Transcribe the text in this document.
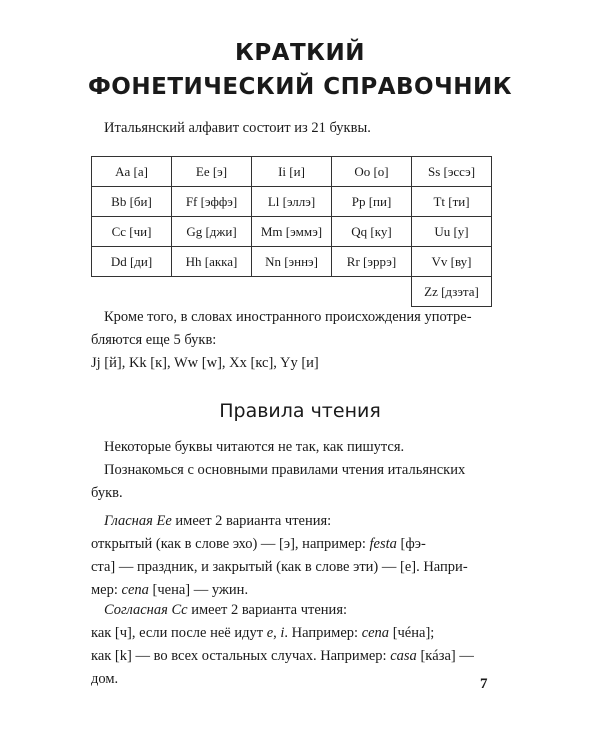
КРАТКИЙ
ФОНЕТИЧЕСКИЙ СПРАВОЧНИК

Итальянский алфавит состоит из 21 буквы.

Aa [а]	Ee [э]	Ii [и]	Oo [о]	Ss [эссэ]
Bb [би]	Ff [эффэ]	Ll [эллэ]	Pp [пи]	Tt [ти]
Cc [чи]	Gg [джи]	Mm [эммэ]	Qq [ку]	Uu [у]
Dd [ди]	Hh [акка]	Nn [эннэ]	Rr [эррэ]	Vv [ву]
				Zz [дзэта]

Кроме того, в словах иностранного происхождения употре-
бляются еще 5 букв:
Jj [й], Kk [к], Ww [w], Xx [кс], Yy [и]

Правила чтения

Некоторые буквы читаются не так, как пишутся.
Познакомься с основными правилами чтения итальянских
букв.

Гласная Ee имеет 2 варианта чтения:
открытый (как в слове эхо) — [э], например: festa [фэ-
ста] — праздник, и закрытый (как в слове эти) — [е]. Напри-
мер: cena [чена] — ужин.

Согласная Cc имеет 2 варианта чтения:
как [ч], если после неё идут e, i. Например: cena [чéна];
как [k] — во всех остальных случах. Например: casa [кáза] —
дом.	7
